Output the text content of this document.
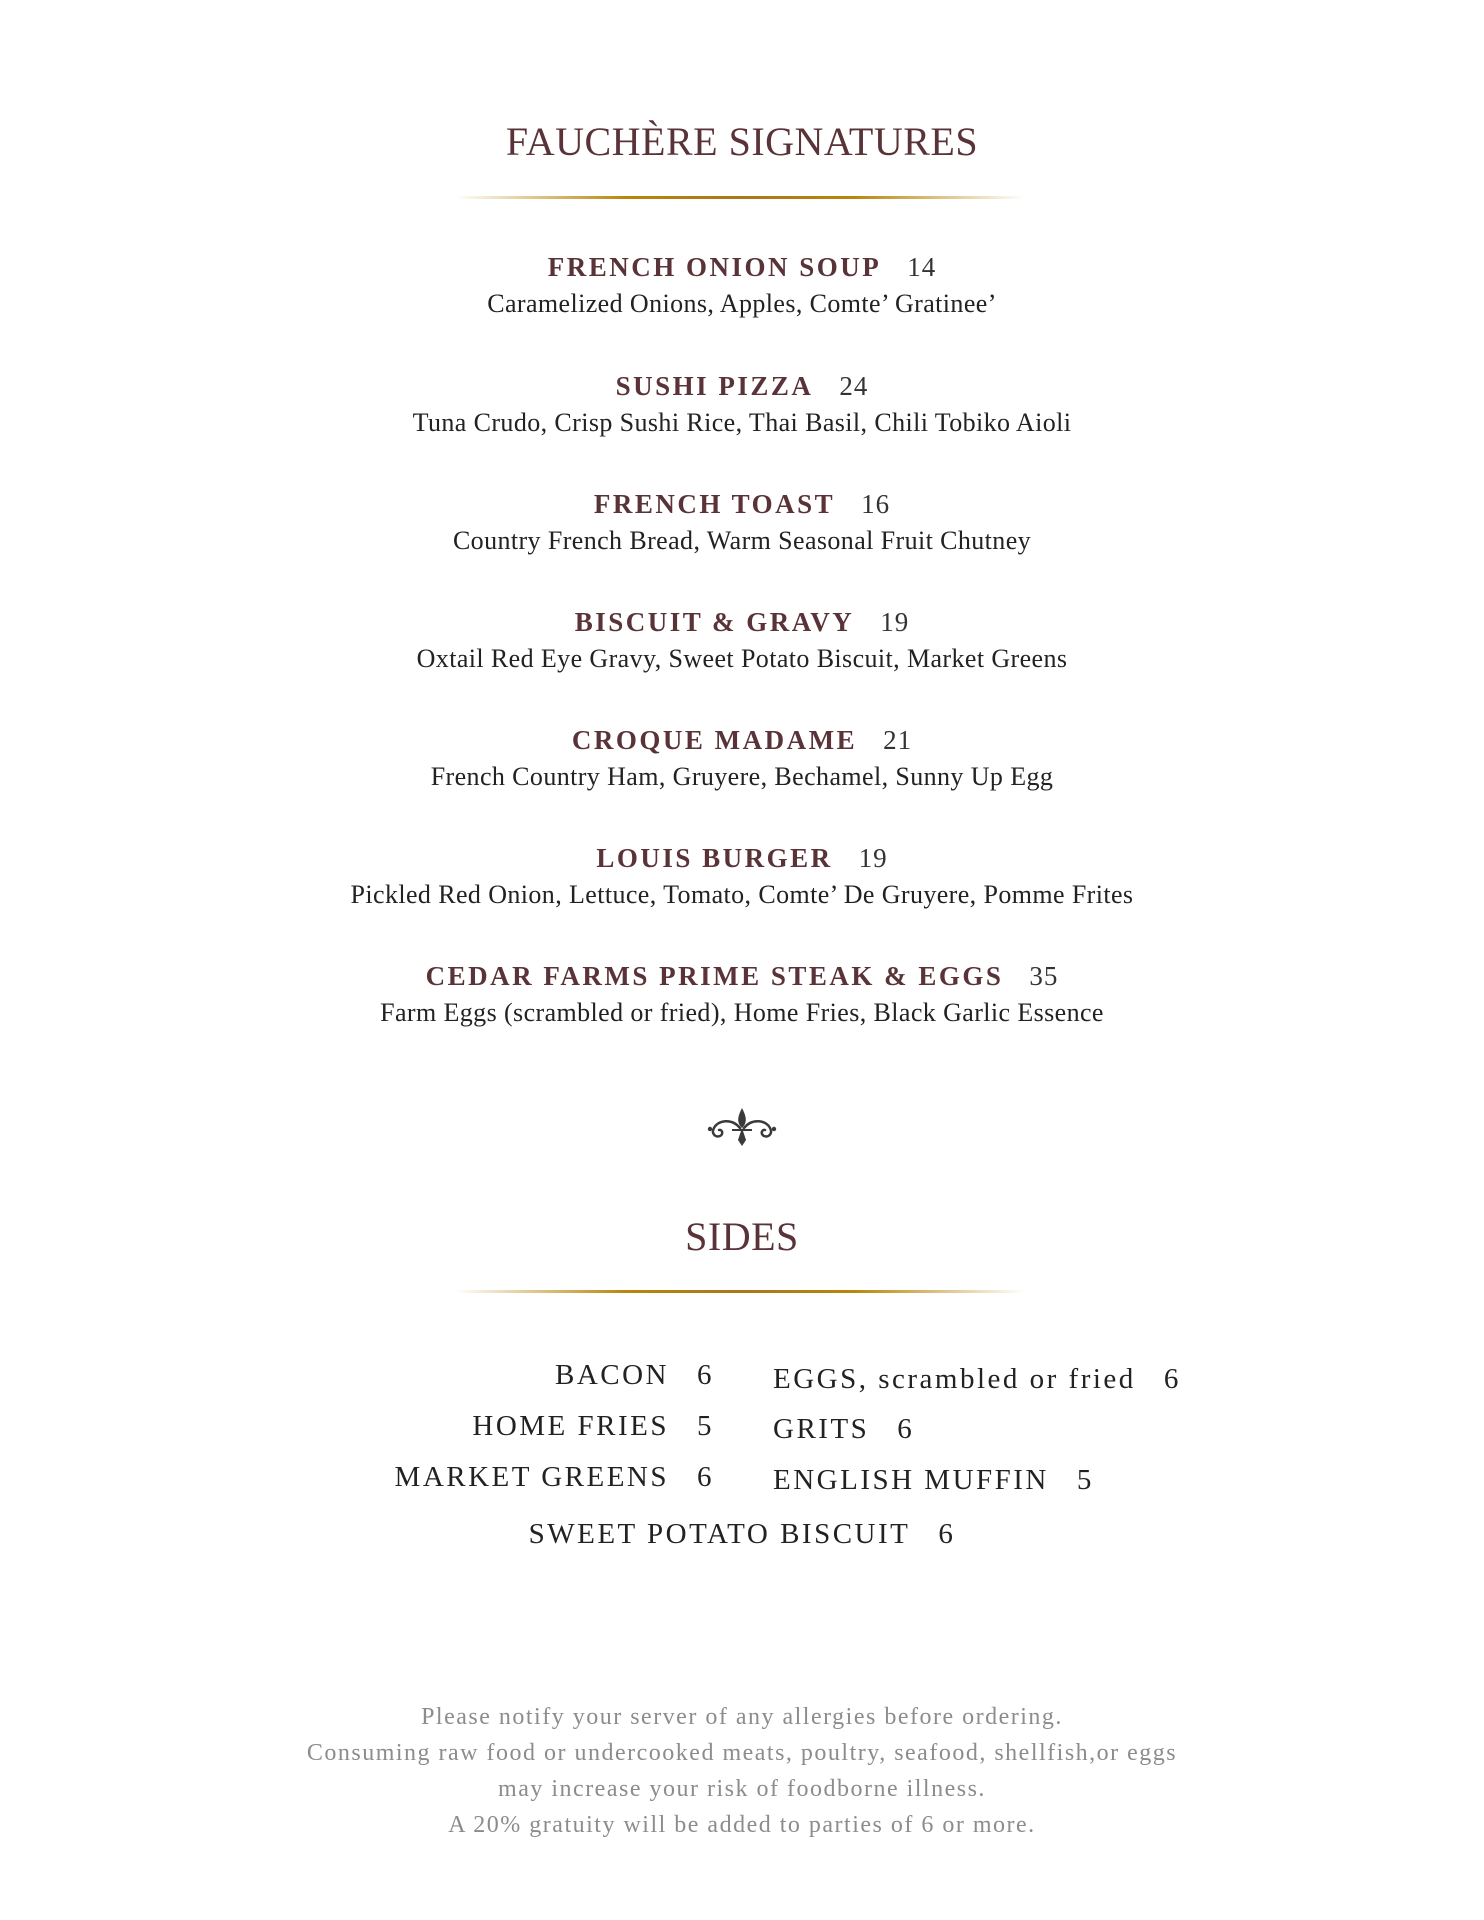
FAUCHÈRE SIGNATURES
FRENCH ONION SOUP 14
Caramelized Onions, Apples, Comte’ Gratinee’
SUSHI PIZZA 24
Tuna Crudo, Crisp Sushi Rice, Thai Basil, Chili Tobiko Aioli
FRENCH TOAST 16
Country French Bread, Warm Seasonal Fruit Chutney
BISCUIT & GRAVY 19
Oxtail Red Eye Gravy, Sweet Potato Biscuit, Market Greens
CROQUE MADAME 21
French Country Ham, Gruyere, Bechamel, Sunny Up Egg
LOUIS BURGER 19
Pickled Red Onion, Lettuce, Tomato, Comte’ De Gruyere, Pomme Frites
CEDAR FARMS PRIME STEAK & EGGS 35
Farm Eggs (scrambled or fried), Home Fries, Black Garlic Essence
SIDES
BACON 6
HOME FRIES 5
MARKET GREENS 6
EGGS, scrambled or fried 6
GRITS 6
ENGLISH MUFFIN 5
SWEET POTATO BISCUIT 6
Please notify your server of any allergies before ordering.
Consuming raw food or undercooked meats, poultry, seafood, shellfish,or eggs
may increase your risk of foodborne illness.
A 20% gratuity will be added to parties of 6 or more.
